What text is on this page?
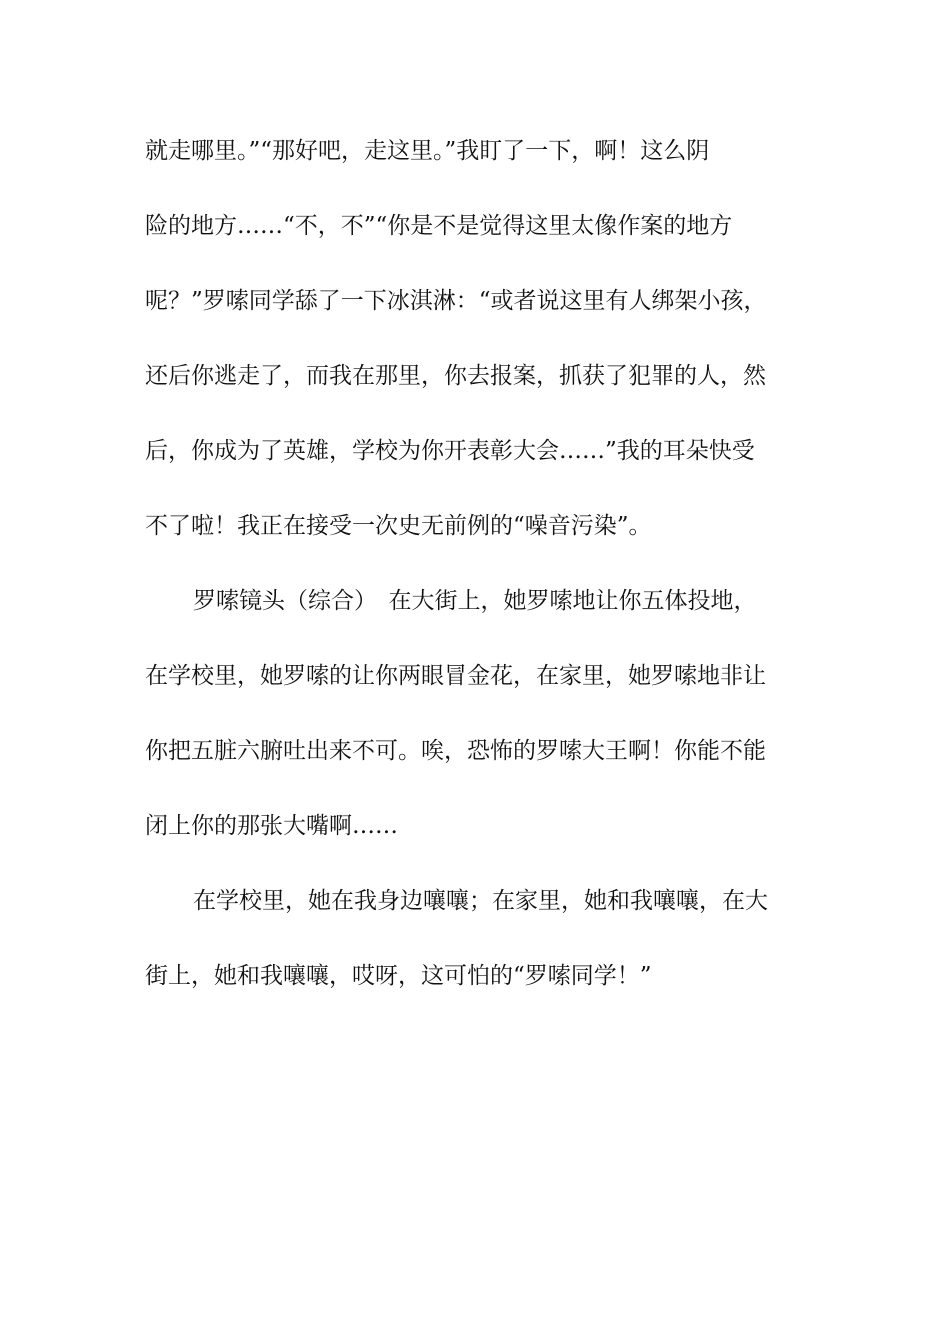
就走哪里。”“那好吧，走这里。”我盯了一下，啊！这么阴
险的地方……“不，不”“你是不是觉得这里太像作案的地方
呢？”罗嗦同学舔了一下冰淇淋：“或者说这里有人绑架小孩，
还后你逃走了，而我在那里，你去报案，抓获了犯罪的人，然
后，你成为了英雄，学校为你开表彰大会……”我的耳朵快受
不了啦！我正在接受一次史无前例的“噪音污染”。
罗嗦镜头（综合）　在大街上，她罗嗦地让你五体投地，
在学校里，她罗嗦的让你两眼冒金花，在家里，她罗嗦地非让
你把五脏六腑吐出来不可。唉，恐怖的罗嗦大王啊！你能不能
闭上你的那张大嘴啊……
在学校里，她在我身边嚷嚷；在家里，她和我嚷嚷，在大
街上，她和我嚷嚷，哎呀，这可怕的“罗嗦同学！”
